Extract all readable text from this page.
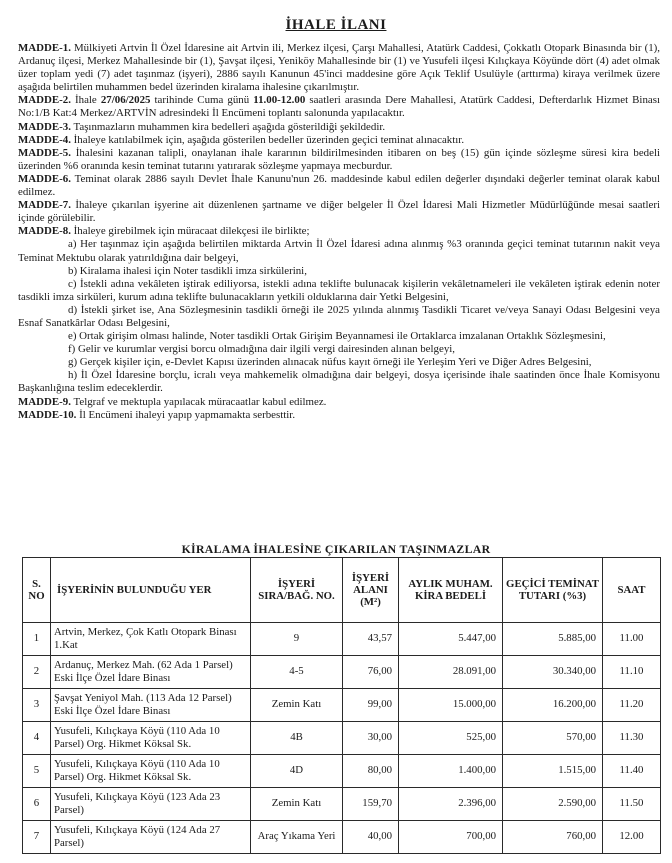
İHALE İLANI

MADDE-1. Mülkiyeti Artvin İl Özel İdaresine ait Artvin ili, Merkez ilçesi, Çarşı Mahallesi, Atatürk Caddesi, Çokkatlı Otopark Binasında bir (1), Ardanuç ilçesi, Merkez Mahallesinde bir (1), Şavşat ilçesi, Yeniköy Mahallesinde bir (1) ve Yusufeli ilçesi Kılıçkaya Köyünde dört (4) adet olmak üzer toplam yedi (7) adet taşınmaz (işyeri), 2886 sayılı Kanunun 45'inci maddesine göre Açık Teklif Usulüyle (arttırma) kiraya verilmek üzere aşağıda belirtilen muhammen bedel üzerinden kiralama ihalesine çıkarılmıştır.

MADDE-2. İhale 27/06/2025 tarihinde Cuma günü 11.00-12.00 saatleri arasında Dere Mahallesi, Atatürk Caddesi, Defterdarlık Hizmet Binası No:1/B Kat:4 Merkez/ARTVİN adresindeki İl Encümeni toplantı salonunda yapılacaktır.

MADDE-3. Taşınmazların muhammen kira bedelleri aşağıda gösterildiği şekildedir.

MADDE-4. İhaleye katılabilmek için, aşağıda gösterilen bedeller üzerinden geçici teminat alınacaktır.

MADDE-5. İhalesini kazanan talipli, onaylanan ihale kararının bildirilmesinden itibaren on beş (15) gün içinde sözleşme süresi kira bedeli üzerinden %6 oranında kesin teminat tutarını yatırarak sözleşme yapmaya mecburdur.

MADDE-6. Teminat olarak 2886 sayılı Devlet İhale Kanunu'nun 26. maddesinde kabul edilen değerler dışındaki değerler teminat olarak kabul edilmez.

MADDE-7. İhaleye çıkarılan işyerine ait düzenlenen şartname ve diğer belgeler İl Özel İdaresi Mali Hizmetler Müdürlüğünde mesai saatleri içinde görülebilir.

MADDE-8. İhaleye girebilmek için müracaat dilekçesi ile birlikte;

a) Her taşınmaz için aşağıda belirtilen miktarda Artvin İl Özel İdaresi adına alınmış %3 oranında geçici teminat tutarının nakit veya Teminat Mektubu olarak yatırıldığına dair belgeyi,

b) Kiralama ihalesi için Noter tasdikli imza sirkülerini,

c) İstekli adına vekâleten iştirak ediliyorsa, istekli adına teklifte bulunacak kişilerin vekâletnameleri ile vekâleten iştirak edenin noter tasdikli imza sirküleri, kurum adına teklifte bulunacakların yetkili olduklarına dair Yetki Belgesini,

d) İstekli şirket ise, Ana Sözleşmesinin tasdikli örneği ile 2025 yılında alınmış Tasdikli Ticaret ve/veya Sanayi Odası Belgesini veya Esnaf Sanatkârlar Odası Belgesini,

e) Ortak girişim olması halinde, Noter tasdikli Ortak Girişim Beyannamesi ile Ortaklarca imzalanan Ortaklık Sözleşmesini,

f) Gelir ve kurumlar vergisi borcu olmadığına dair ilgili vergi dairesinden alınan belgeyi,

g) Gerçek kişiler için, e-Devlet Kapısı üzerinden alınacak nüfus kayıt örneği ile Yerleşim Yeri ve Diğer Adres Belgesini,

h) İl Özel İdaresine borçlu, icralı veya mahkemelik olmadığına dair belgeyi, dosya içerisinde ihale saatinden önce İhale Komisyonu Başkanlığına teslim edeceklerdir.

MADDE-9. Telgraf ve mektupla yapılacak müracaatlar kabul edilmez.

MADDE-10. İl Encümeni ihaleyi yapıp yapmamakta serbesttir.

KİRALAMA İHALESİNE ÇIKARILAN TAŞINMAZLAR
S. NO	İŞYERİNİN BULUNDUĞU YER	İŞYERİ SIRA/BAĞ. NO.	İŞYERİ ALANI (M²)	AYLIK MUHAM. KİRA BEDELİ	GEÇİCİ TEMİNAT TUTARI (%3)	SAAT
1	Artvin, Merkez, Çok Katlı Otopark Binası 1.Kat	9	43,57	5.447,00	5.885,00	11.00
2	Ardanuç, Merkez Mah. (62 Ada 1 Parsel) Eski İlçe Özel İdare Binası	4-5	76,00	28.091,00	30.340,00	11.10
3	Şavşat Yeniyol Mah. (113 Ada 12 Parsel) Eski İlçe Özel İdare Binası	Zemin Katı	99,00	15.000,00	16.200,00	11.20
4	Yusufeli, Kılıçkaya Köyü (110 Ada 10 Parsel) Org. Hikmet Köksal Sk.	4B	30,00	525,00	570,00	11.30
5	Yusufeli, Kılıçkaya Köyü (110 Ada 10 Parsel) Org. Hikmet Köksal Sk.	4D	80,00	1.400,00	1.515,00	11.40
6	Yusufeli, Kılıçkaya Köyü (123 Ada 23 Parsel)	Zemin Katı	159,70	2.396,00	2.590,00	11.50
7	Yusufeli, Kılıçkaya Köyü (124 Ada 27 Parsel)	Araç Yıkama Yeri	40,00	700,00	760,00	12.00
